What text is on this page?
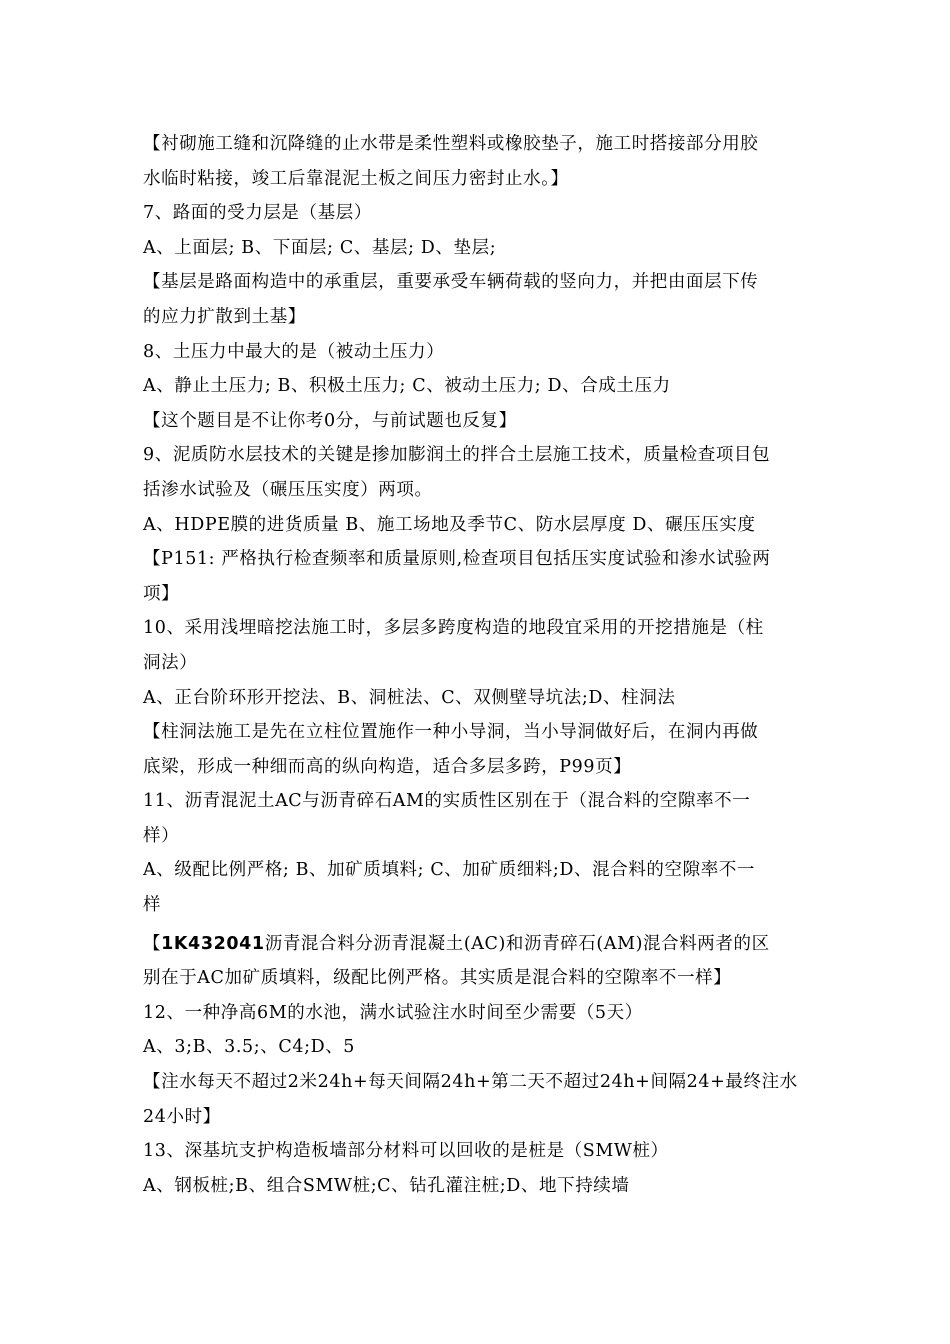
【衬砌施工缝和沉降缝的止水带是柔性塑料或橡胶垫子，施工时搭接部分用胶
水临时粘接，竣工后靠混泥土板之间压力密封止水。】
7、路面的受力层是（基层）
A、上面层; B、下面层; C、基层; D、垫层;
【基层是路面构造中的承重层，重要承受车辆荷载的竖向力，并把由面层下传
的应力扩散到土基】
8、土压力中最大的是（被动土压力）
A、静止土压力; B、积极土压力; C、被动土压力; D、合成土压力
【这个题目是不让你考0分，与前试题也反复】
9、泥质防水层技术的关键是掺加膨润土的拌合土层施工技术，质量检查项目包
括渗水试验及（碾压压实度）两项。
A、HDPE膜的进货质量 B、施工场地及季节C、防水层厚度 D、碾压压实度
【P151: 严格执行检查频率和质量原则,检查项目包括压实度试验和渗水试验两
项】
10、采用浅埋暗挖法施工时，多层多跨度构造的地段宜采用的开挖措施是（柱
洞法）
A、正台阶环形开挖法、B、洞桩法、C、双侧壁导坑法;D、柱洞法
【柱洞法施工是先在立柱位置施作一种小导洞，当小导洞做好后，在洞内再做
底梁，形成一种细而高的纵向构造，适合多层多跨，P99页】
11、沥青混泥土AC与沥青碎石AM的实质性区别在于（混合料的空隙率不一
样）
A、级配比例严格; B、加矿质填料; C、加矿质细料;D、混合料的空隙率不一
样
【1K432041沥青混合料分沥青混凝土(AC)和沥青碎石(AM)混合料两者的区
别在于AC加矿质填料，级配比例严格。其实质是混合料的空隙率不一样】
12、一种净高6M的水池，满水试验注水时间至少需要（5天）
A、3;B、3.5;、C4;D、5
【注水每天不超过2米24h+每天间隔24h+第二天不超过24h+间隔24+最终注水
24小时】
13、深基坑支护构造板墙部分材料可以回收的是桩是（SMW桩）
A、钢板桩;B、组合SMW桩;C、钻孔灌注桩;D、地下持续墙
